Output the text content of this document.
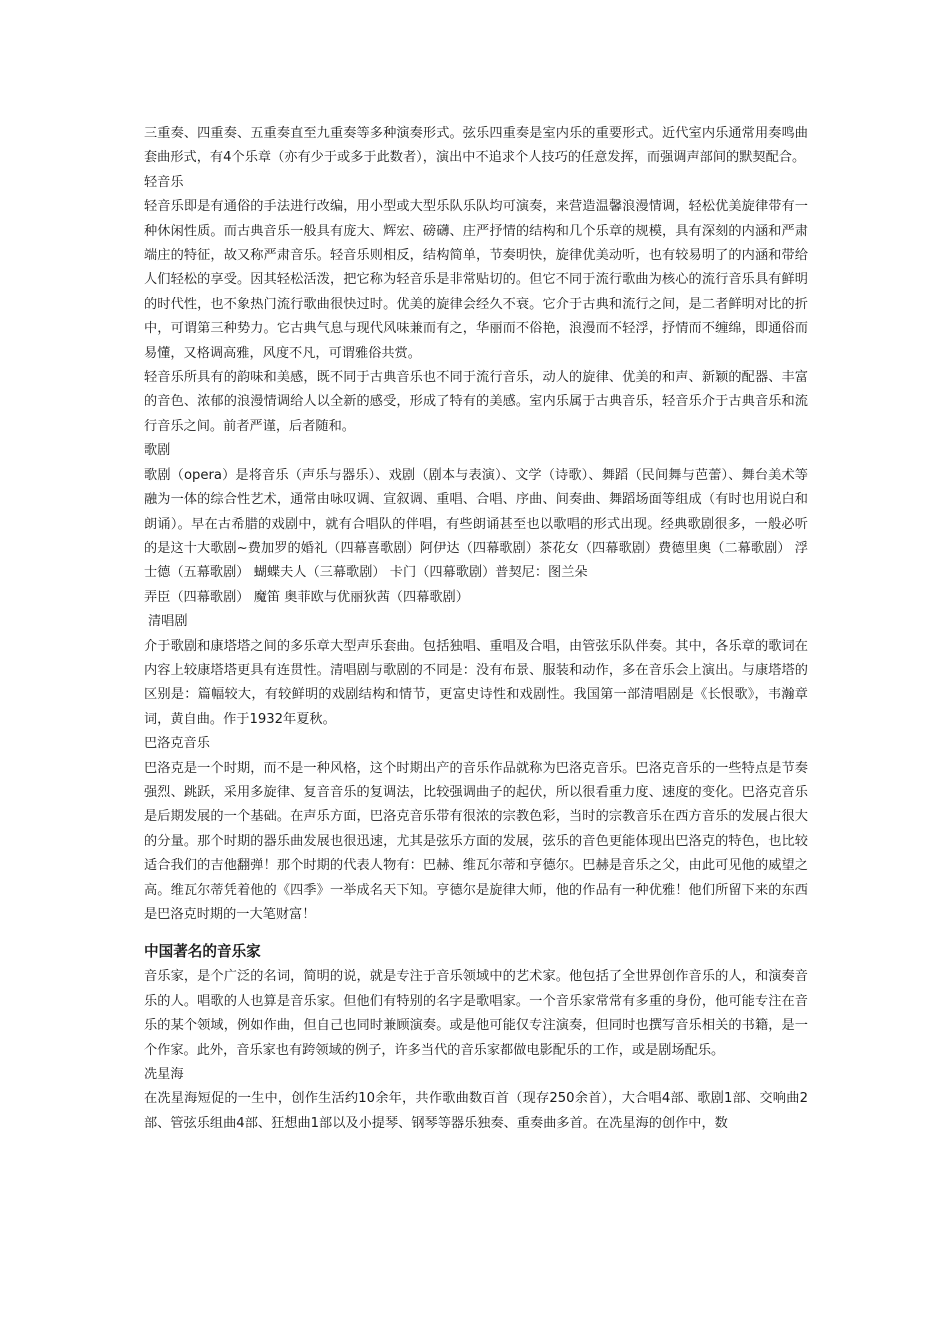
三重奏、四重奏、五重奏直至九重奏等多种演奏形式。弦乐四重奏是室内乐的重要形式。近代室内乐通常用奏鸣曲套曲形式，有4个乐章（亦有少于或多于此数者），演出中不追求个人技巧的任意发挥，而强调声部间的默契配合。

轻音乐

轻音乐即是有通俗的手法进行改编，用小型或大型乐队乐队均可演奏，来营造温馨浪漫情调，轻松优美旋律带有一种休闲性质。而古典音乐一般具有庞大、辉宏、磅礴、庄严抒情的结构和几个乐章的规模，具有深刻的内涵和严肃端庄的特征，故又称严肃音乐。轻音乐则相反，结构简单，节奏明快，旋律优美动听，也有较易明了的内涵和带给人们轻松的享受。因其轻松活泼，把它称为轻音乐是非常贴切的。但它不同于流行歌曲为核心的流行音乐具有鲜明的时代性，也不象热门流行歌曲很快过时。优美的旋律会经久不衰。它介于古典和流行之间，是二者鲜明对比的折中，可谓第三种势力。它古典气息与现代风味兼而有之，华丽而不俗艳，浪漫而不轻浮，抒情而不缠绵，即通俗而易懂，又格调高雅，风度不凡，可谓雅俗共赏。

轻音乐所具有的韵味和美感，既不同于古典音乐也不同于流行音乐，动人的旋律、优美的和声、新颖的配器、丰富的音色、浓郁的浪漫情调给人以全新的感受，形成了特有的美感。室内乐属于古典音乐，轻音乐介于古典音乐和流行音乐之间。前者严谨，后者随和。

歌剧

歌剧（opera）是将音乐（声乐与器乐）、戏剧（剧本与表演）、文学（诗歌）、舞蹈（民间舞与芭蕾）、舞台美术等融为一体的综合性艺术，通常由咏叹调、宣叙调、重唱、合唱、序曲、间奏曲、舞蹈场面等组成（有时也用说白和朗诵）。早在古希腊的戏剧中，就有合唱队的伴唱，有些朗诵甚至也以歌唱的形式出现。经典歌剧很多，一般必听的是这十大歌剧~费加罗的婚礼（四幕喜歌剧）阿伊达（四幕歌剧）茶花女（四幕歌剧）费德里奥（二幕歌剧） 浮士德（五幕歌剧） 蝴蝶夫人（三幕歌剧） 卡门（四幕歌剧）普契尼：图兰朵

弄臣（四幕歌剧） 魔笛 奥菲欧与优丽狄茜（四幕歌剧）

清唱剧

介于歌剧和康塔塔之间的多乐章大型声乐套曲。包括独唱、重唱及合唱，由管弦乐队伴奏。其中，各乐章的歌词在内容上较康塔塔更具有连贯性。清唱剧与歌剧的不同是：没有布景、服装和动作，多在音乐会上演出。与康塔塔的区别是：篇幅较大，有较鲜明的戏剧结构和情节，更富史诗性和戏剧性。我国第一部清唱剧是《长恨歌》，韦瀚章词，黄自曲。作于1932年夏秋。

巴洛克音乐

巴洛克是一个时期，而不是一种风格，这个时期出产的音乐作品就称为巴洛克音乐。巴洛克音乐的一些特点是节奏强烈、跳跃，采用多旋律、复音音乐的复调法，比较强调曲子的起伏，所以很看重力度、速度的变化。巴洛克音乐是后期发展的一个基础。在声乐方面，巴洛克音乐带有很浓的宗教色彩，当时的宗教音乐在西方音乐的发展占很大的分量。那个时期的器乐曲发展也很迅速，尤其是弦乐方面的发展，弦乐的音色更能体现出巴洛克的特色，也比较适合我们的吉他翻弹！那个时期的代表人物有：巴赫、维瓦尔蒂和亨德尔。巴赫是音乐之父，由此可见他的威望之高。维瓦尔蒂凭着他的《四季》一举成名天下知。亨德尔是旋律大师，他的作品有一种优雅！他们所留下来的东西是巴洛克时期的一大笔财富！

中国著名的音乐家

音乐家，是个广泛的名词，简明的说，就是专注于音乐领域中的艺术家。他包括了全世界创作音乐的人，和演奏音乐的人。唱歌的人也算是音乐家。但他们有特别的名字是歌唱家。一个音乐家常常有多重的身份，他可能专注在音乐的某个领域，例如作曲，但自己也同时兼顾演奏。或是他可能仅专注演奏，但同时也撰写音乐相关的书籍，是一个作家。此外，音乐家也有跨领域的例子，许多当代的音乐家都做电影配乐的工作，或是剧场配乐。

冼星海

在冼星海短促的一生中，创作生活约10余年，共作歌曲数百首（现存250余首），大合唱4部、歌剧1部、交响曲2部、管弦乐组曲4部、狂想曲1部以及小提琴、钢琴等器乐独奏、重奏曲多首。在冼星海的创作中，数
